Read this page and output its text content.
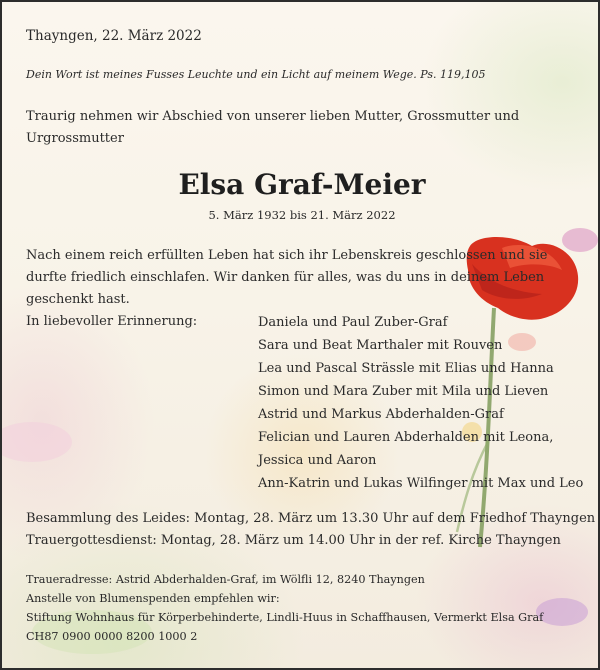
Thayngen, 22. März 2022

Dein Wort ist meines Fusses Leuchte und ein Licht auf meinem Wege. Ps. 119,105

Traurig nehmen wir Abschied von unserer lieben Mutter, Grossmutter und Urgrossmutter

Elsa Graf-Meier

5. März 1932 bis 21. März 2022

Nach einem reich erfüllten Leben hat sich ihr Lebenskreis geschlossen und sie durfte friedlich einschlafen. Wir danken für alles, was du uns in deinem Leben geschenkt hast.

In liebevoller Erinnerung:	Daniela und Paul Zuber-Graf
Sara und Beat Marthaler mit Rouven
Lea und Pascal Strässle mit Elias und Hanna
Simon und Mara Zuber mit Mila und Lieven
Astrid und Markus Abderhalden-Graf
Felician und Lauren Abderhalden mit Leona,
Jessica und Aaron
Ann-Katrin und Lukas Wilfinger mit Max und Leo
Besammlung des Leides: Montag, 28. März um 13.30 Uhr auf dem Friedhof Thayngen
Trauergottesdienst: Montag, 28. März um 14.00 Uhr in der ref. Kirche Thayngen
Traueradresse: Astrid Abderhalden-Graf, im Wölfli 12, 8240 Thayngen
Anstelle von Blumenspenden empfehlen wir:
Stiftung Wohnhaus für Körperbehinderte, Lindli-Huus in Schaffhausen, Vermerkt Elsa Graf
CH87 0900 0000 8200 1000 2
